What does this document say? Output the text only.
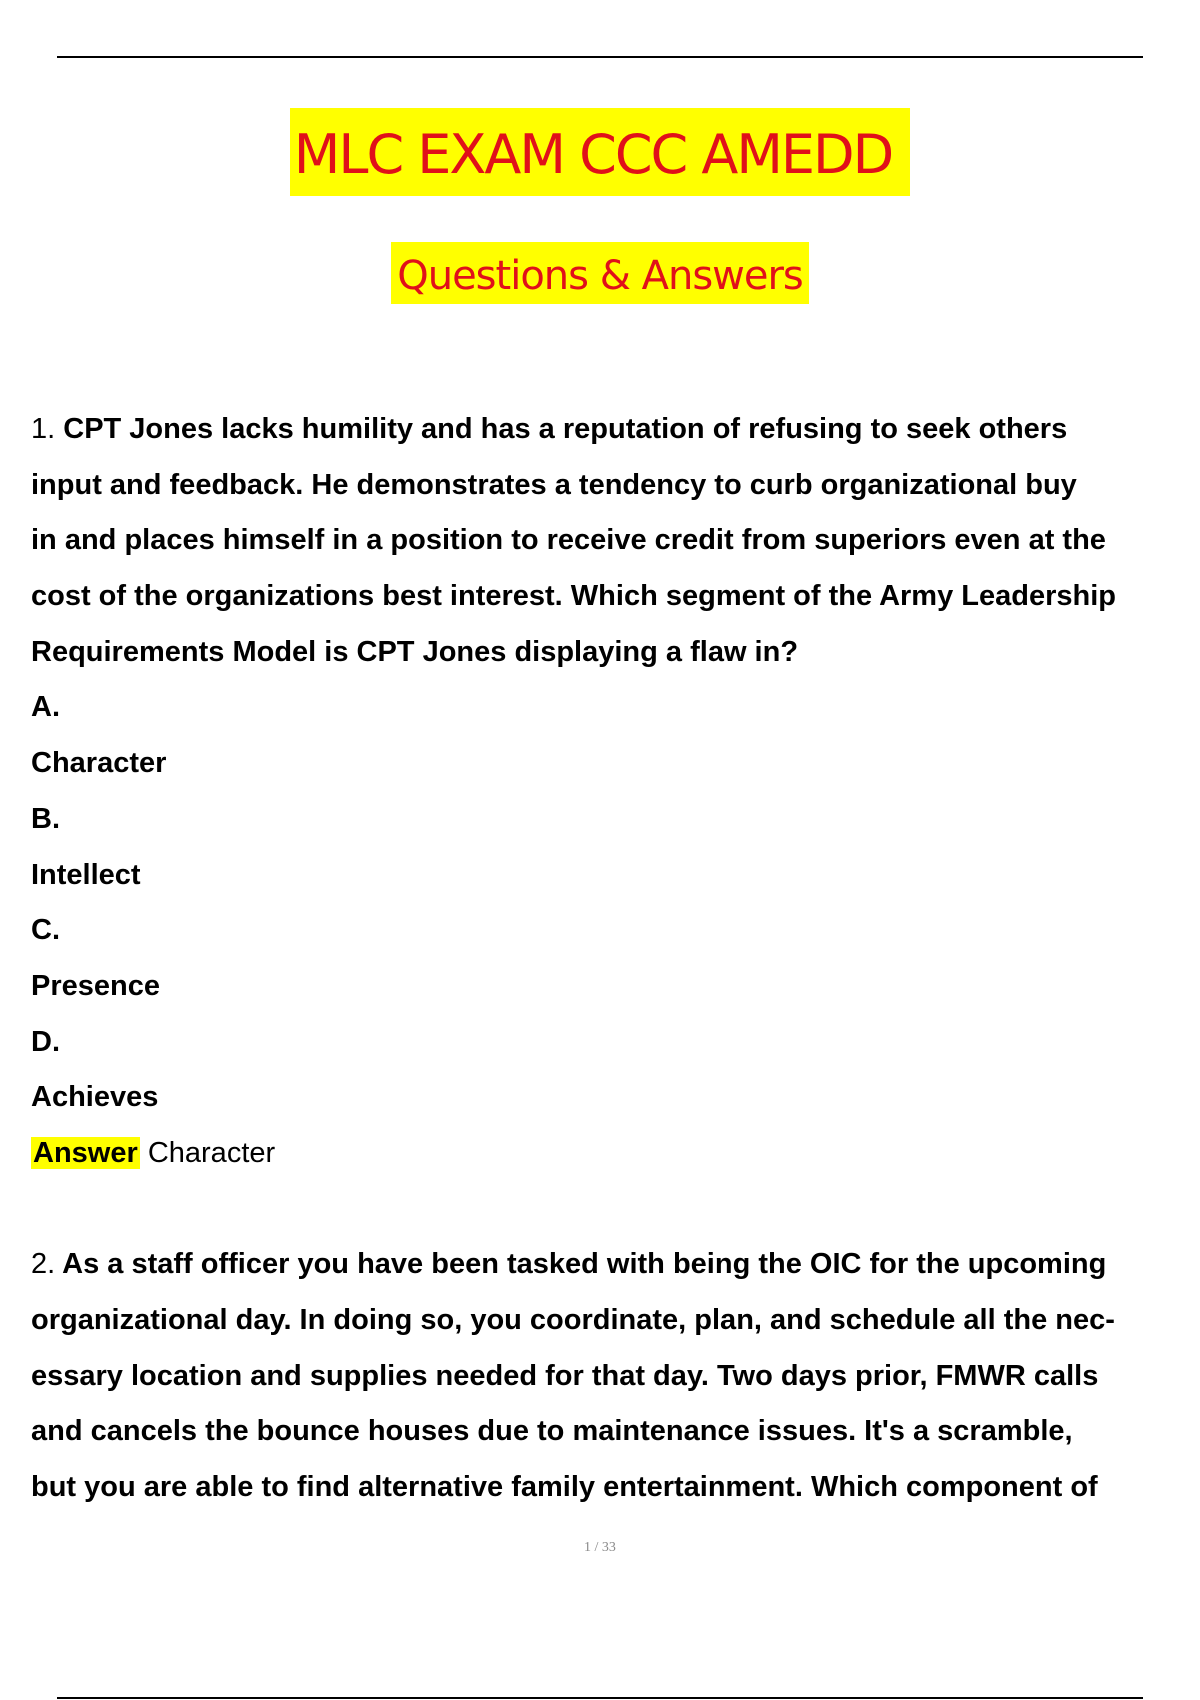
MLC EXAM CCC AMEDD
Questions & Answers
1. CPT Jones lacks humility and has a reputation of refusing to seek others
input and feedback. He demonstrates a tendency to curb organizational buy
in and places himself in a position to receive credit from superiors even at the
cost of the organizations best interest. Which segment of the Army Leadership
Requirements Model is CPT Jones displaying a flaw in?
A.
Character
B.
Intellect
C.
Presence
D.
Achieves
Answer Character
2. As a staff officer you have been tasked with being the OIC for the upcoming
organizational day. In doing so, you coordinate, plan, and schedule all the nec-
essary location and supplies needed for that day. Two days prior, FMWR calls
and cancels the bounce houses due to maintenance issues. It's a scramble,
but you are able to find alternative family entertainment. Which component of
1 / 33
